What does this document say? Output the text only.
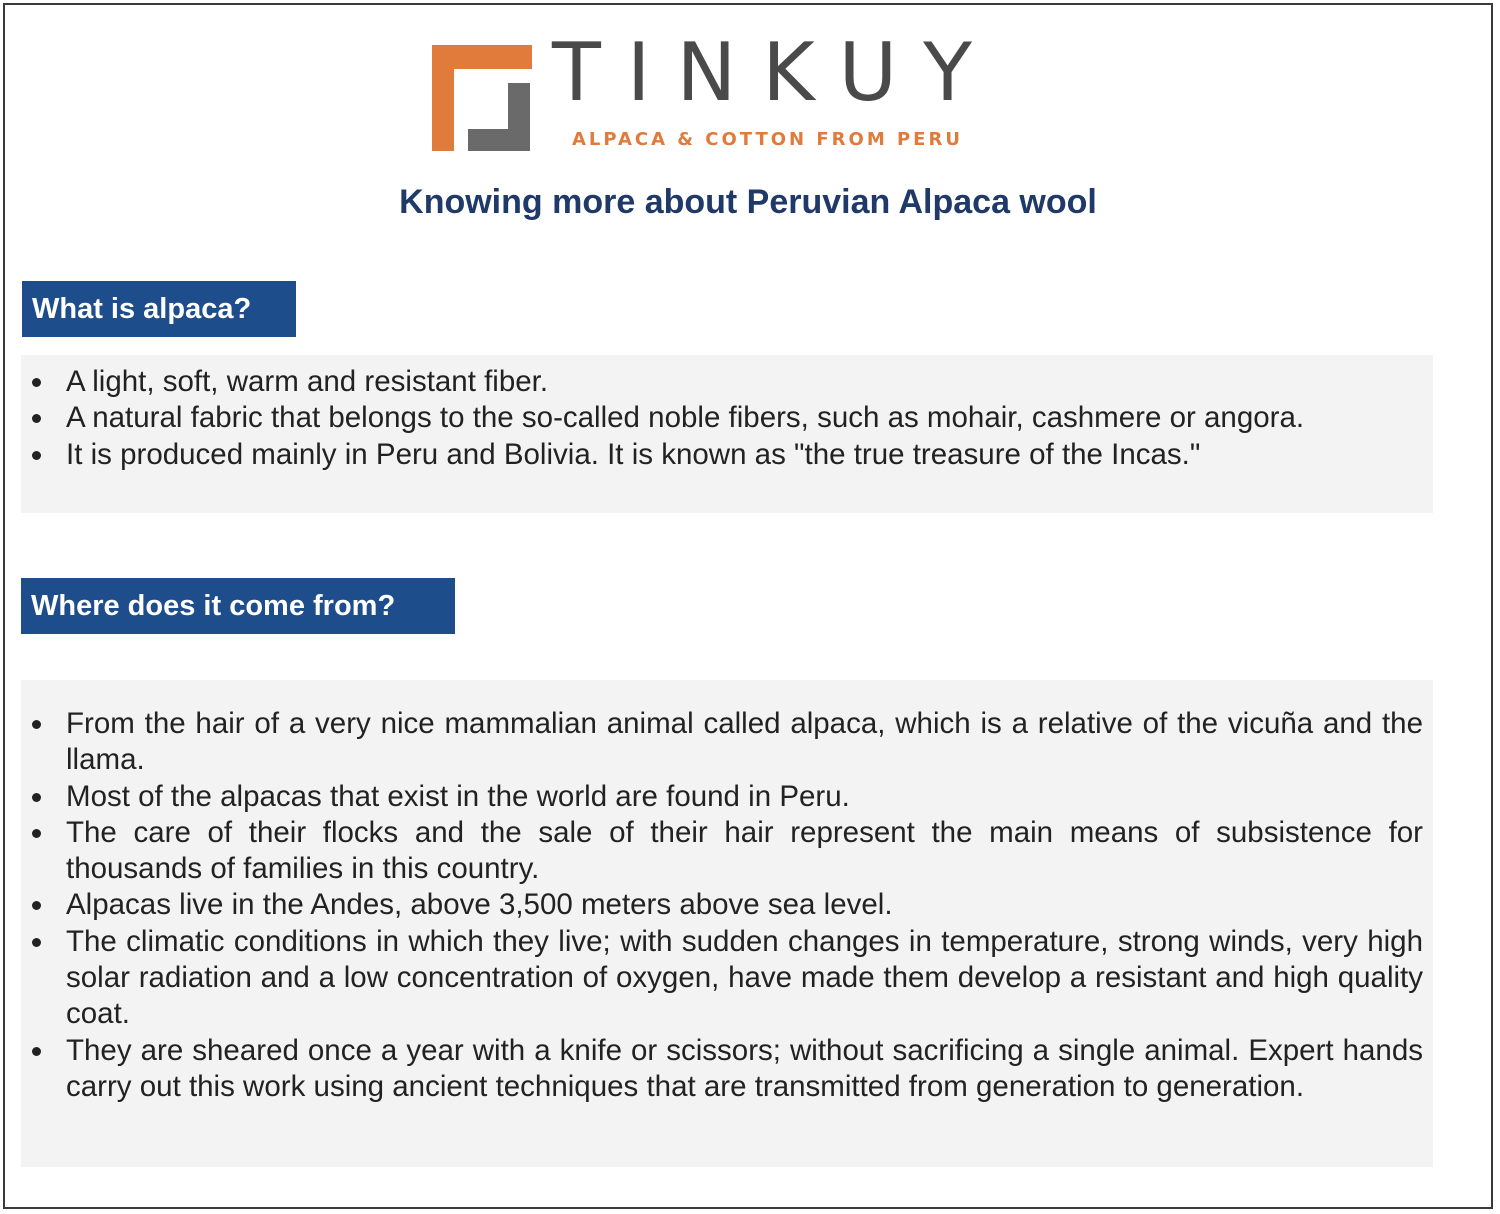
TINKUY
ALPACA & COTTON FROM PERU
Knowing more about Peruvian Alpaca wool
What is alpaca?
A light, soft, warm and resistant fiber.
A natural fabric that belongs to the so-called noble fibers, such as mohair, cashmere or angora.
It is produced mainly in Peru and Bolivia. It is known as "the true treasure of the Incas."
Where does it come from?
From the hair of a very nice mammalian animal called alpaca, which is a relative of the vicuña and the llama.
Most of the alpacas that exist in the world are found in Peru.
The care of their flocks and the sale of their hair represent the main means of subsistence for thousands of families in this country.
Alpacas live in the Andes, above 3,500 meters above sea level.
The climatic conditions in which they live; with sudden changes in temperature, strong winds, very high solar radiation and a low concentration of oxygen, have made them develop a resistant and high quality coat.
They are sheared once a year with a knife or scissors; without sacrificing a single animal. Expert hands carry out this work using ancient techniques that are transmitted from generation to generation.
